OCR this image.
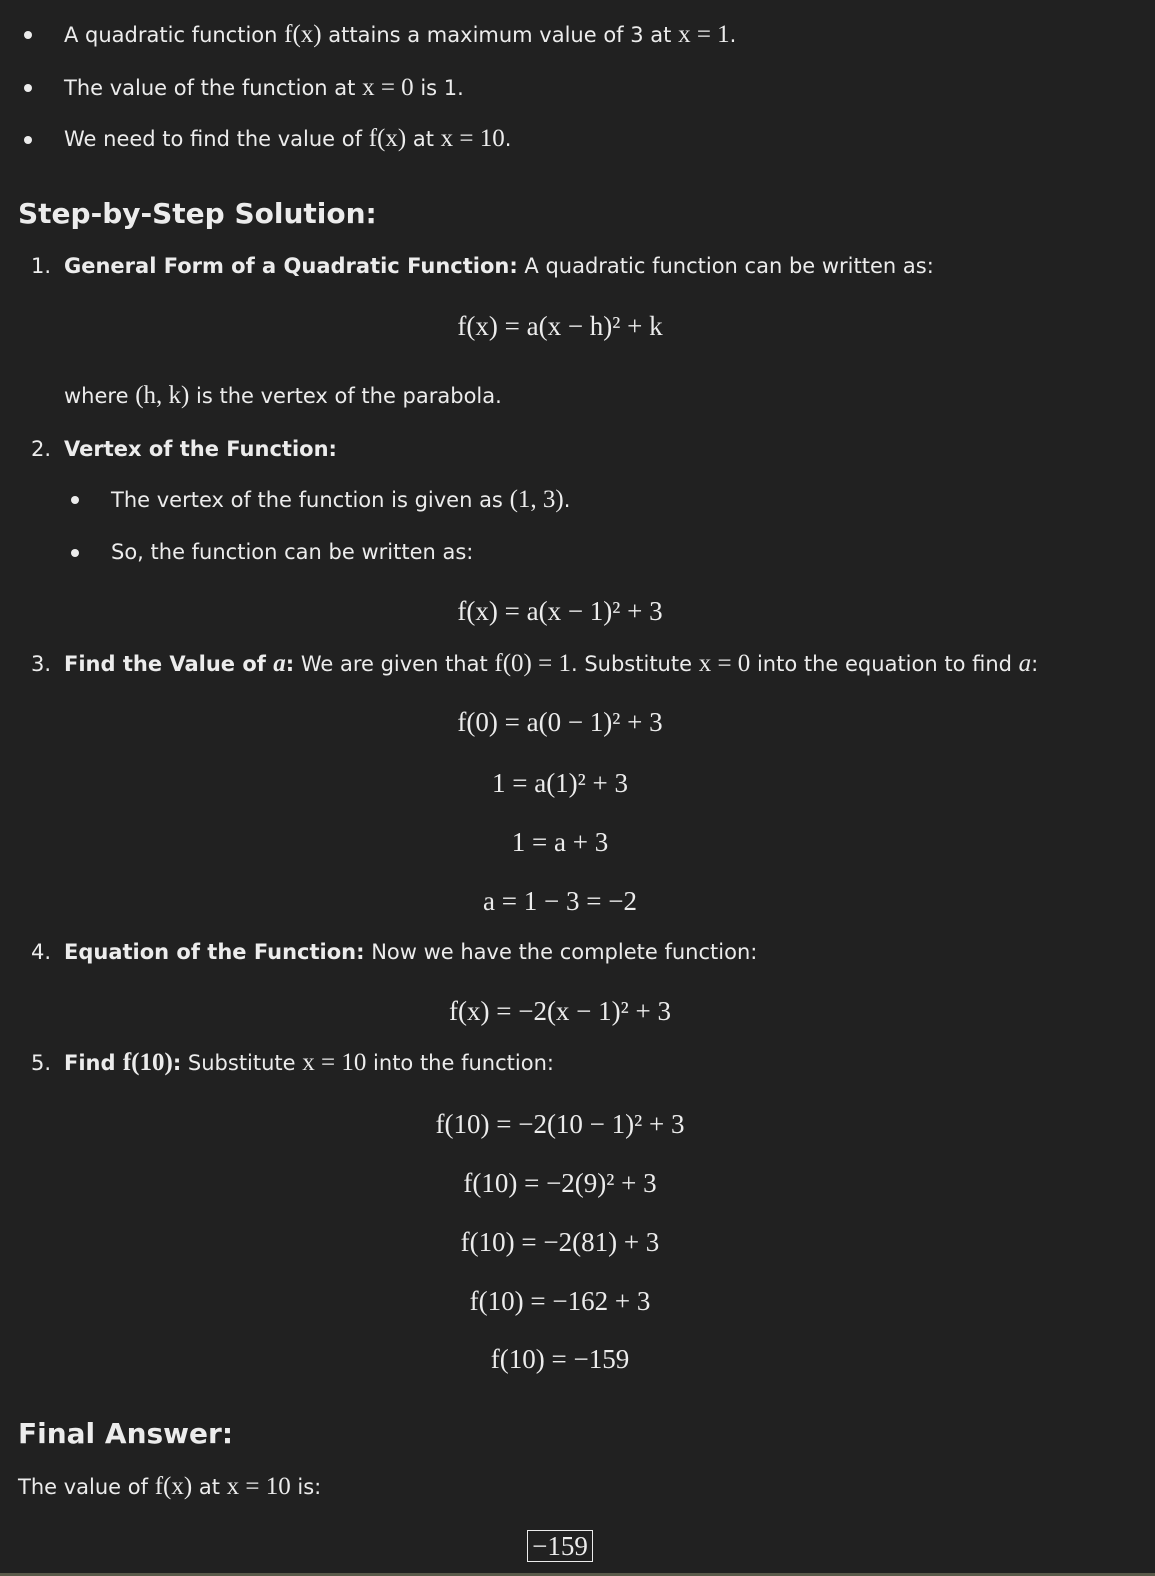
A quadratic function f(x) attains a maximum value of 3 at x = 1.
The value of the function at x = 0 is 1.
We need to find the value of f(x) at x = 10.
Step-by-Step Solution:
1. General Form of a Quadratic Function: A quadratic function can be written as:
f(x) = a(x − h)² + k
where (h, k) is the vertex of the parabola.
2. Vertex of the Function:
The vertex of the function is given as (1, 3).
So, the function can be written as:
f(x) = a(x − 1)² + 3
3. Find the Value of a: We are given that f(0) = 1. Substitute x = 0 into the equation to find a:
f(0) = a(0 − 1)² + 3
1 = a(1)² + 3
1 = a + 3
a = 1 − 3 = −2
4. Equation of the Function: Now we have the complete function:
f(x) = −2(x − 1)² + 3
5. Find f(10): Substitute x = 10 into the function:
f(10) = −2(10 − 1)² + 3
f(10) = −2(9)² + 3
f(10) = −2(81) + 3
f(10) = −162 + 3
f(10) = −159
Final Answer:
The value of f(x) at x = 10 is:
−159
